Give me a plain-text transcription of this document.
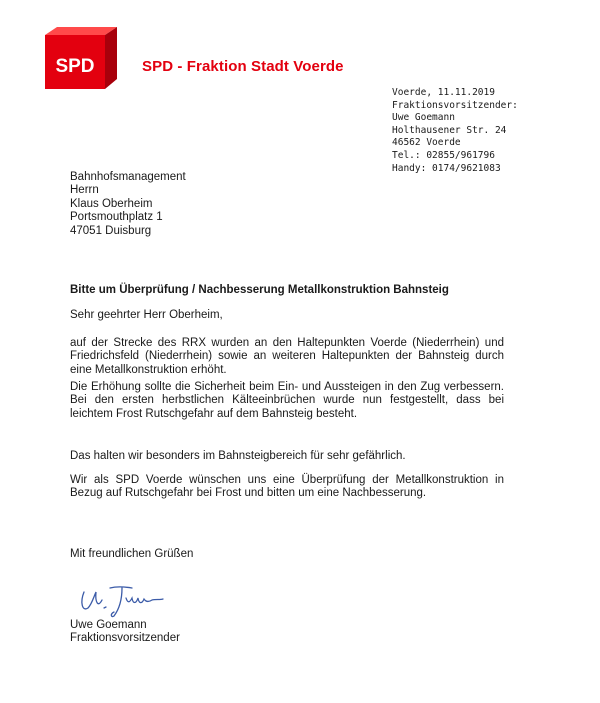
SPD	SPD - Fraktion Stadt Voerde
Voerde, 11.11.2019
Fraktionsvorsitzender:
Uwe Goemann
Holthausener Str. 24
46562 Voerde
Tel.: 02855/961796
Handy: 0174/9621083
Bahnhofsmanagement
Herrn
Klaus Oberheim
Portsmouthplatz 1
47051 Duisburg
Bitte um Überprüfung / Nachbesserung Metallkonstruktion Bahnsteig
Sehr geehrter Herr Oberheim,
auf der Strecke des RRX wurden an den Haltepunkten Voerde (Niederrhein) und Friedrichsfeld (Niederrhein) sowie an weiteren Haltepunkten der Bahnsteig durch eine Metallkonstruktion erhöht.
Die Erhöhung sollte die Sicherheit beim Ein- und Aussteigen in den Zug verbessern. Bei den ersten herbstlichen Kälteeinbrüchen wurde nun festgestellt, dass bei leichtem Frost Rutschgefahr auf dem Bahnsteig besteht.
Das halten wir besonders im Bahnsteigbereich für sehr gefährlich.
Wir als SPD Voerde wünschen uns eine Überprüfung der Metallkonstruktion in Bezug auf Rutschgefahr bei Frost und bitten um eine Nachbesserung.
Mit freundlichen Grüßen
Uwe Goemann
Fraktionsvorsitzender
